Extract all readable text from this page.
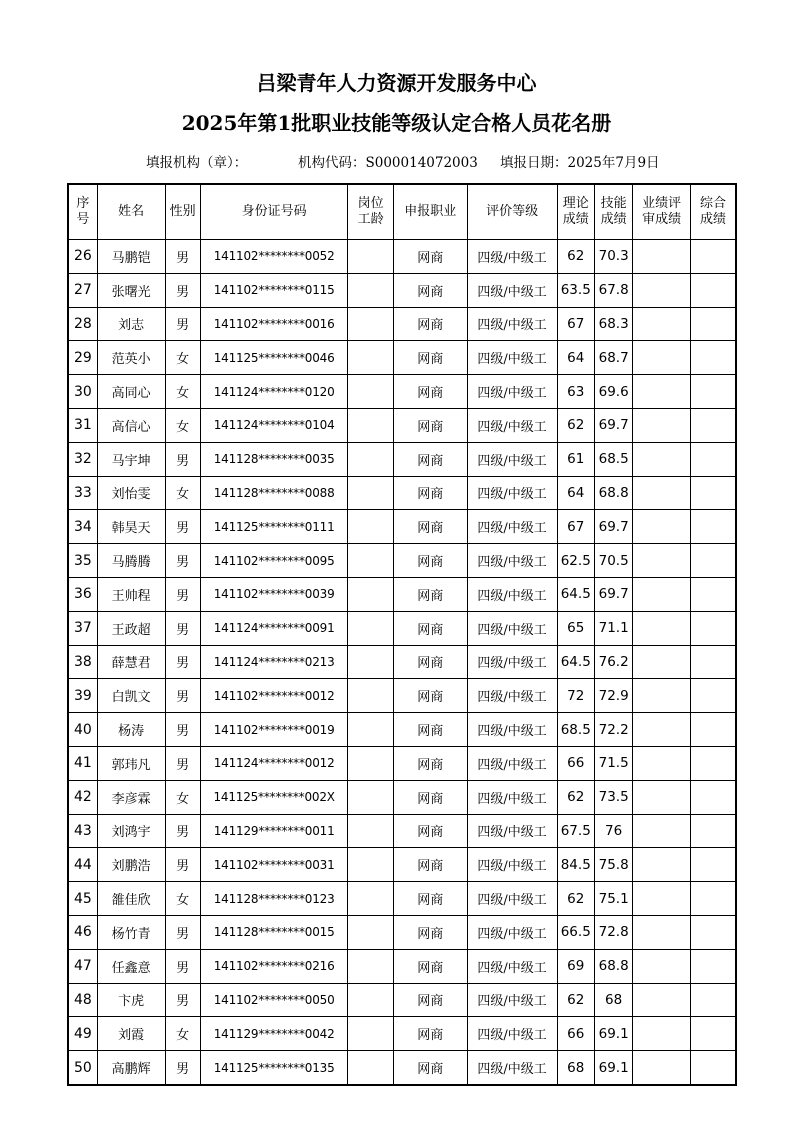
吕梁青年人力资源开发服务中心
2025年第1批职业技能等级认定合格人员花名册
填报机构（章）：	机构代码：S000014072003 填报日期：2025年7月9日
序号	姓名	性别	身份证号码	岗位工龄	申报职业	评价等级	理论成绩	技能成绩	业绩评审成绩	综合成绩
26	马鹏铠	男	141102********0052		网商	四级/中级工	62	70.3		
27	张曙光	男	141102********0115		网商	四级/中级工	63.5	67.8		
28	刘志	男	141102********0016		网商	四级/中级工	67	68.3		
29	范英小	女	141125********0046		网商	四级/中级工	64	68.7		
30	高同心	女	141124********0120		网商	四级/中级工	63	69.6		
31	高信心	女	141124********0104		网商	四级/中级工	62	69.7		
32	马宇坤	男	141128********0035		网商	四级/中级工	61	68.5		
33	刘怡雯	女	141128********0088		网商	四级/中级工	64	68.8		
34	韩昊天	男	141125********0111		网商	四级/中级工	67	69.7		
35	马腾腾	男	141102********0095		网商	四级/中级工	62.5	70.5		
36	王帅程	男	141102********0039		网商	四级/中级工	64.5	69.7		
37	王政超	男	141124********0091		网商	四级/中级工	65	71.1		
38	薛慧君	男	141124********0213		网商	四级/中级工	64.5	76.2		
39	白凯文	男	141102********0012		网商	四级/中级工	72	72.9		
40	杨涛	男	141102********0019		网商	四级/中级工	68.5	72.2		
41	郭玮凡	男	141124********0012		网商	四级/中级工	66	71.5		
42	李彦霖	女	141125********002X		网商	四级/中级工	62	73.5		
43	刘鸿宇	男	141129********0011		网商	四级/中级工	67.5	76		
44	刘鹏浩	男	141102********0031		网商	四级/中级工	84.5	75.8		
45	雒佳欣	女	141128********0123		网商	四级/中级工	62	75.1		
46	杨竹青	男	141128********0015		网商	四级/中级工	66.5	72.8		
47	任鑫意	男	141102********0216		网商	四级/中级工	69	68.8		
48	卞虎	男	141102********0050		网商	四级/中级工	62	68		
49	刘霞	女	141129********0042		网商	四级/中级工	66	69.1		
50	高鹏辉	男	141125********0135		网商	四级/中级工	68	69.1		
